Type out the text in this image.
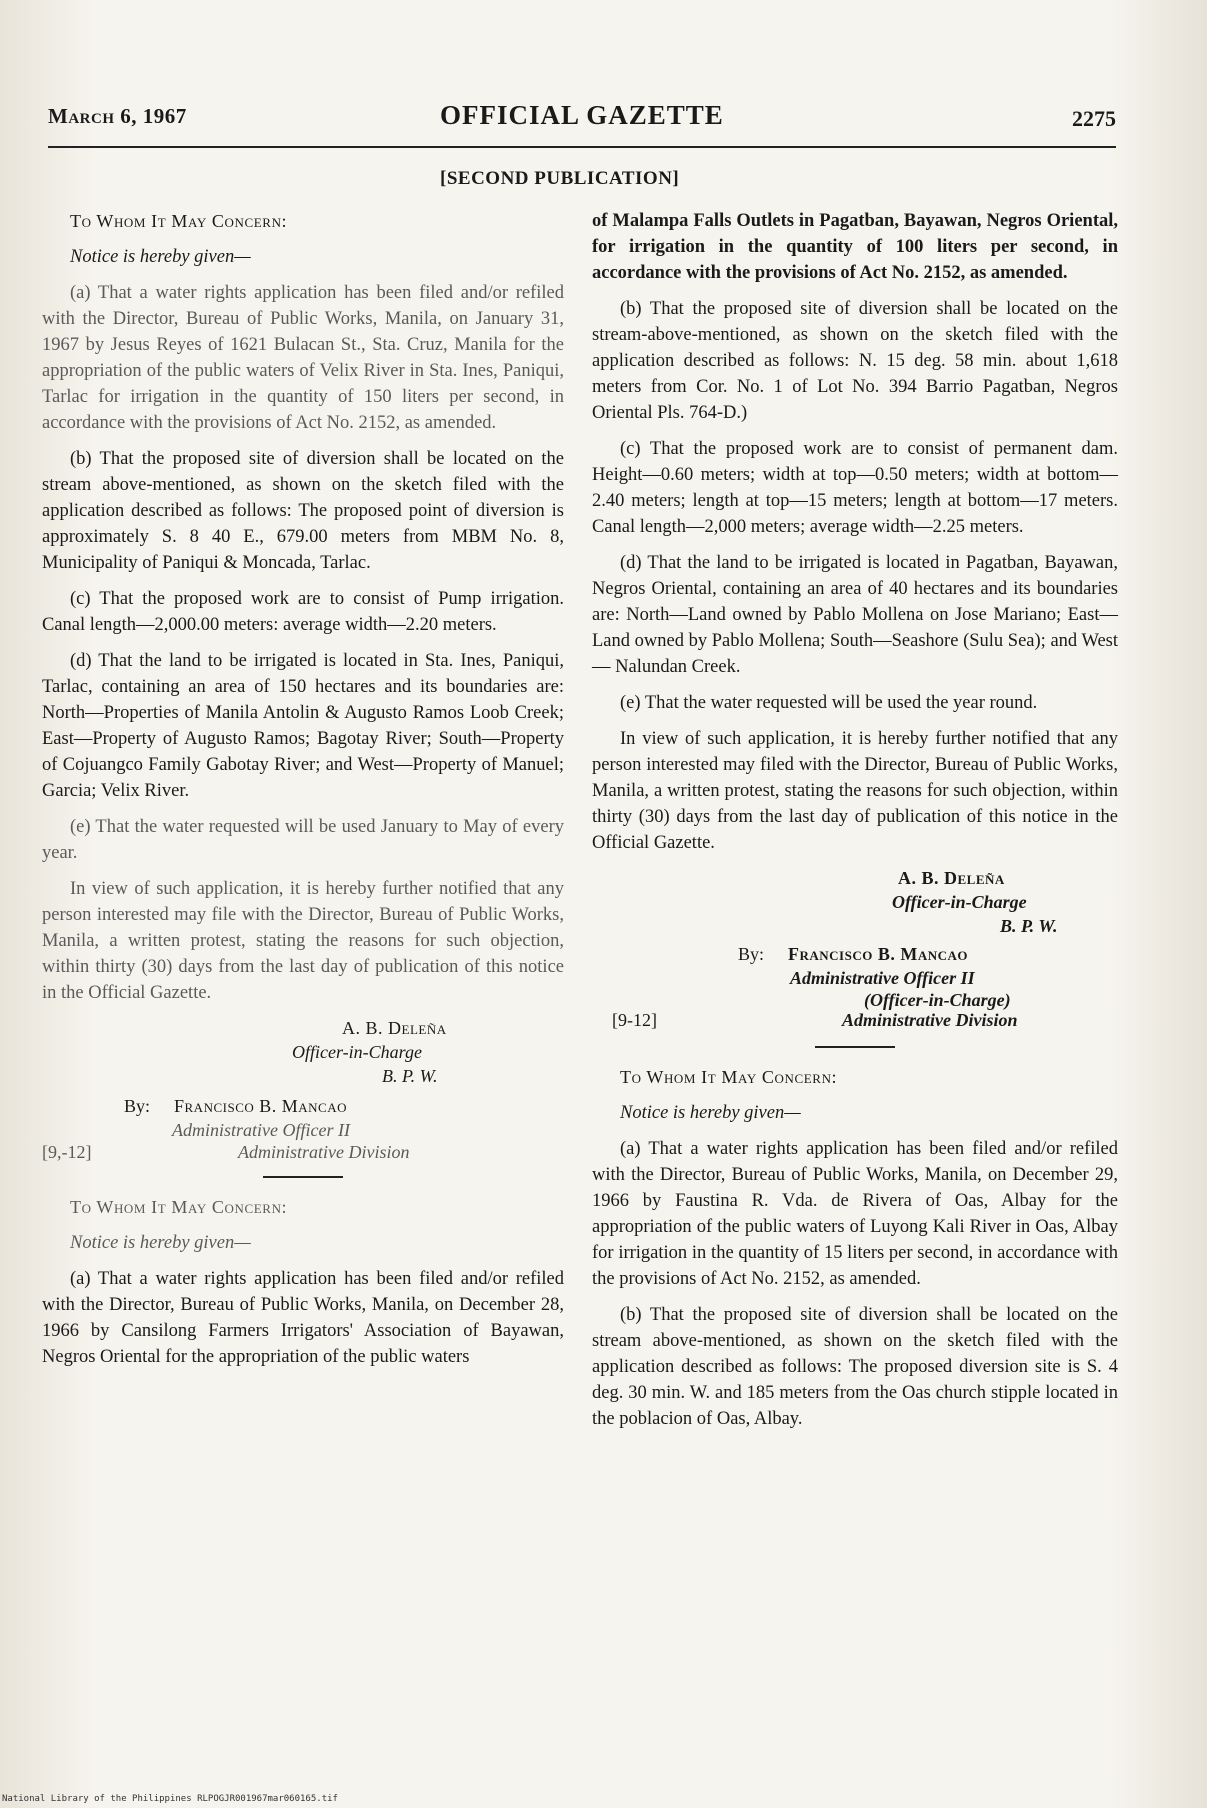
March 6, 1967	OFFICIAL GAZETTE	2275
[SECOND PUBLICATION]

To Whom It May Concern:

Notice is hereby given—

(a) That a water rights application has been filed and/or refiled with the Director, Bureau of Public Works, Manila, on January 31, 1967 by Jesus Reyes of 1621 Bulacan St., Sta. Cruz, Manila for the appropriation of the public waters of Velix River in Sta. Ines, Paniqui, Tarlac for irrigation in the quantity of 150 liters per second, in accordance with the provisions of Act No. 2152, as amended.

(b) That the proposed site of diversion shall be located on the stream above-mentioned, as shown on the sketch filed with the application described as follows: The proposed point of diversion is approximately S. 8 40 E., 679.00 meters from MBM No. 8, Municipality of Paniqui & Moncada, Tarlac.

(c) That the proposed work are to consist of Pump irrigation. Canal length—2,000.00 meters: average width—2.20 meters.

(d) That the land to be irrigated is located in Sta. Ines, Paniqui, Tarlac, containing an area of 150 hectares and its boundaries are: North—Properties of Manila Antolin & Augusto Ramos Loob Creek; East—Property of Augusto Ramos; Bagotay River; South—Property of Cojuangco Family Gabotay River; and West—Property of Manuel; Garcia; Velix River.

(e) That the water requested will be used January to May of every year.

In view of such application, it is hereby further notified that any person interested may file with the Director, Bureau of Public Works, Manila, a written protest, stating the reasons for such objection, within thirty (30) days from the last day of publication of this notice in the Official Gazette.

A. B. Deleña
Officer-in-Charge
B. P. W.
By: Francisco B. Mancao
Administrative Officer II
[9,-12]	Administrative Division

To Whom It May Concern:

Notice is hereby given—

(a) That a water rights application has been filed and/or refiled with the Director, Bureau of Public Works, Manila, on December 28, 1966 by Cansilong Farmers Irrigators' Association of Bayawan, Negros Oriental for the appropriation of the public waters

of Malampa Falls Outlets in Pagatban, Bayawan, Negros Oriental, for irrigation in the quantity of 100 liters per second, in accordance with the provisions of Act No. 2152, as amended.

(b) That the proposed site of diversion shall be located on the stream-above-mentioned, as shown on the sketch filed with the application described as follows: N. 15 deg. 58 min. about 1,618 meters from Cor. No. 1 of Lot No. 394 Barrio Pagatban, Negros Oriental Pls. 764-D.)

(c) That the proposed work are to consist of permanent dam. Height—0.60 meters; width at top—0.50 meters; width at bottom—2.40 meters; length at top—15 meters; length at bottom—17 meters. Canal length—2,000 meters; average width—2.25 meters.

(d) That the land to be irrigated is located in Pagatban, Bayawan, Negros Oriental, containing an area of 40 hectares and its boundaries are: North—Land owned by Pablo Mollena on Jose Mariano; East—Land owned by Pablo Mollena; South—Seashore (Sulu Sea); and West— Nalundan Creek.

(e) That the water requested will be used the year round.

In view of such application, it is hereby further notified that any person interested may filed with the Director, Bureau of Public Works, Manila, a written protest, stating the reasons for such objection, within thirty (30) days from the last day of publication of this notice in the Official Gazette.

A. B. Deleña
Officer-in-Charge
B. P. W.
By: Francisco B. Mancao
Administrative Officer II
(Officer-in-Charge)
[9-12]	Administrative Division

To Whom It May Concern:

Notice is hereby given—

(a) That a water rights application has been filed and/or refiled with the Director, Bureau of Public Works, Manila, on December 29, 1966 by Faustina R. Vda. de Rivera of Oas, Albay for the appropriation of the public waters of Luyong Kali River in Oas, Albay for irrigation in the quantity of 15 liters per second, in accordance with the provisions of Act No. 2152, as amended.

(b) That the proposed site of diversion shall be located on the stream above-mentioned, as shown on the sketch filed with the application described as follows: The proposed diversion site is S. 4 deg. 30 min. W. and 185 meters from the Oas church stipple located in the poblacion of Oas, Albay.

National Library of the Philippines RLPOGJR001967mar060165.tif
